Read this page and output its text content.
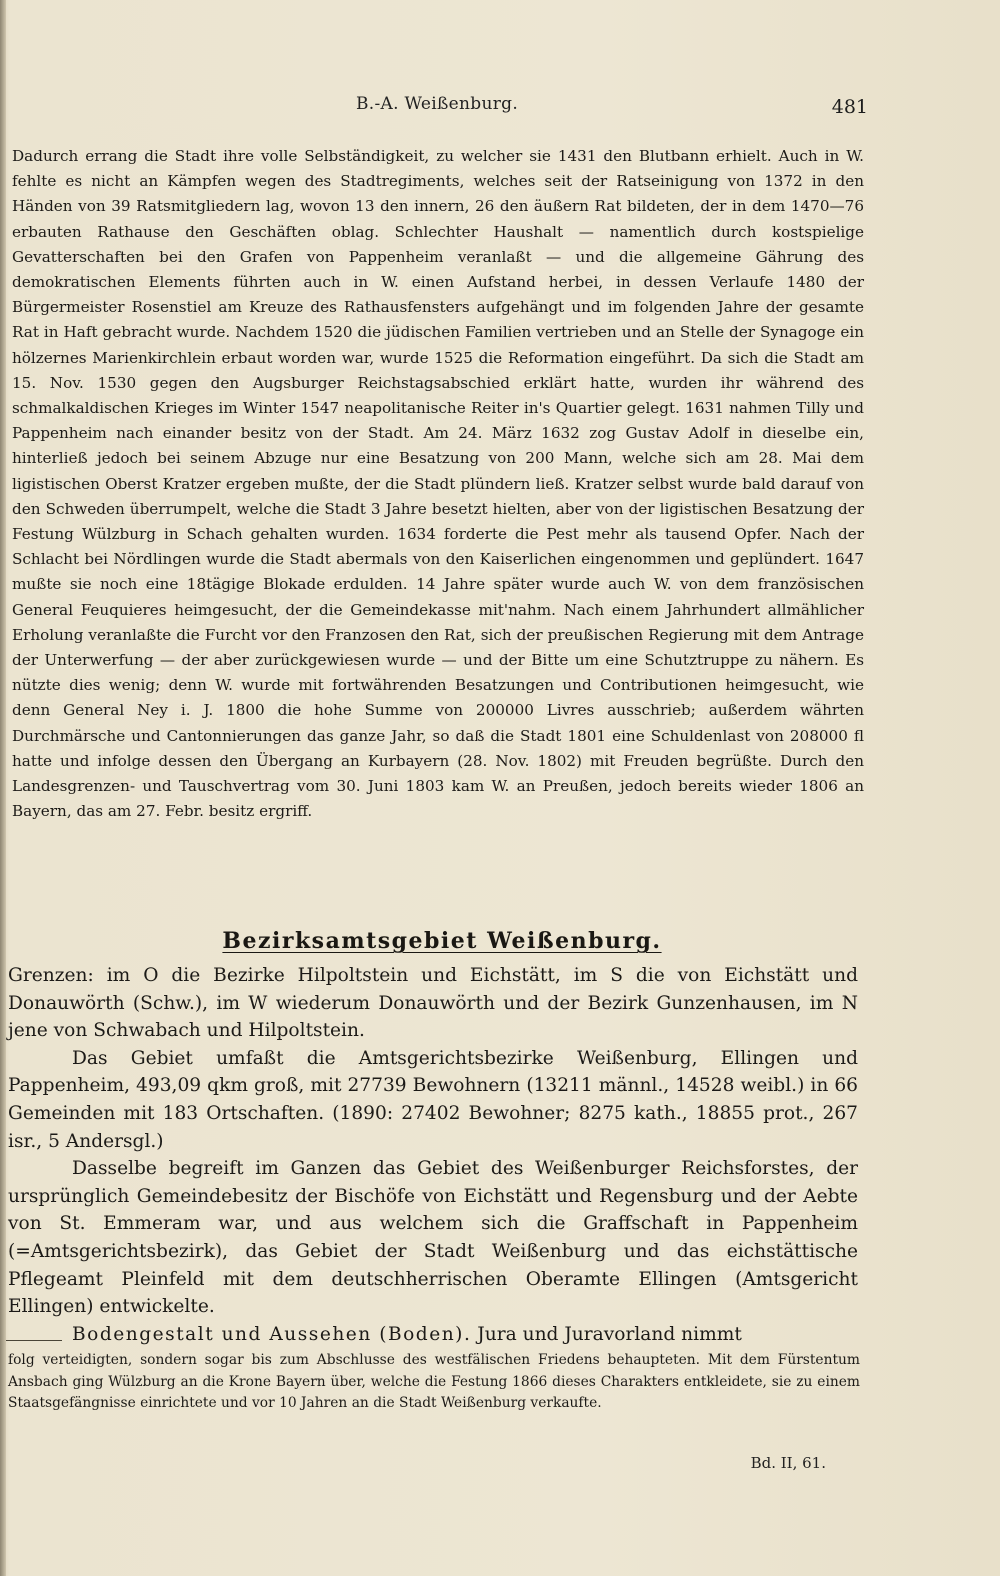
B.-A. Weißenburg.	481

Dadurch errang die Stadt ihre volle Selbständigkeit, zu welcher sie 1431 den Blutbann erhielt. Auch in W. fehlte es nicht an Kämpfen wegen des Stadtregiments, welches seit der Ratseinigung von 1372 in den Händen von 39 Ratsmitgliedern lag, wovon 13 den innern, 26 den äußern Rat bildeten, der in dem 1470—76 erbauten Rathause den Geschäften oblag. Schlechter Haushalt — namentlich durch kostspielige Gevatterschaften bei den Grafen von Pappenheim veranlaßt — und die allgemeine Gährung des demokratischen Elements führten auch in W. einen Aufstand herbei, in dessen Verlaufe 1480 der Bürgermeister Rosenstiel am Kreuze des Rathausfensters aufgehängt und im folgenden Jahre der gesamte Rat in Haft gebracht wurde. Nachdem 1520 die jüdischen Familien vertrieben und an Stelle der Synagoge ein hölzernes Marienkirchlein erbaut worden war, wurde 1525 die Reformation eingeführt. Da sich die Stadt am 15. Nov. 1530 gegen den Augsburger Reichstagsabschied erklärt hatte, wurden ihr während des schmalkaldischen Krieges im Winter 1547 neapolitanische Reiter in's Quartier gelegt. 1631 nahmen Tilly und Pappenheim nach einander besitz von der Stadt. Am 24. März 1632 zog Gustav Adolf in dieselbe ein, hinterließ jedoch bei seinem Abzuge nur eine Besatzung von 200 Mann, welche sich am 28. Mai dem ligistischen Oberst Kratzer ergeben mußte, der die Stadt plündern ließ. Kratzer selbst wurde bald darauf von den Schweden überrumpelt, welche die Stadt 3 Jahre besetzt hielten, aber von der ligistischen Besatzung der Festung Wülzburg in Schach gehalten wurden. 1634 forderte die Pest mehr als tausend Opfer. Nach der Schlacht bei Nördlingen wurde die Stadt abermals von den Kaiserlichen eingenommen und geplündert. 1647 mußte sie noch eine 18tägige Blokade erdulden. 14 Jahre später wurde auch W. von dem französischen General Feuquieres heimgesucht, der die Gemeindekasse mit'nahm. Nach einem Jahrhundert allmählicher Erholung veranlaßte die Furcht vor den Franzosen den Rat, sich der preußischen Regierung mit dem Antrage der Unterwerfung — der aber zurückgewiesen wurde — und der Bitte um eine Schutztruppe zu nähern. Es nützte dies wenig; denn W. wurde mit fortwährenden Besatzungen und Contributionen heimgesucht, wie denn General Ney i. J. 1800 die hohe Summe von 200000 Livres ausschrieb; außerdem währten Durchmärsche und Cantonnierungen das ganze Jahr, so daß die Stadt 1801 eine Schuldenlast von 208000 fl hatte und infolge dessen den Übergang an Kurbayern (28. Nov. 1802) mit Freuden begrüßte. Durch den Landesgrenzen- und Tauschvertrag vom 30. Juni 1803 kam W. an Preußen, jedoch bereits wieder 1806 an Bayern, das am 27. Febr. besitz ergriff.

Bezirksamtsgebiet Weißenburg.

Grenzen: im O die Bezirke Hilpoltstein und Eichstätt, im S die von Eichstätt und Donauwörth (Schw.), im W wiederum Donauwörth und der Bezirk Gunzenhausen, im N jene von Schwabach und Hilpoltstein.

Das Gebiet umfaßt die Amtsgerichtsbezirke Weißenburg, Ellingen und Pappenheim, 493,09 qkm groß, mit 27739 Bewohnern (13211 männl., 14528 weibl.) in 66 Gemeinden mit 183 Ortschaften. (1890: 27402 Bewohner; 8275 kath., 18855 prot., 267 isr., 5 Andersgl.)

Dasselbe begreift im Ganzen das Gebiet des Weißenburger Reichsforstes, der ursprünglich Gemeindebesitz der Bischöfe von Eichstätt und Regensburg und der Aebte von St. Emmeram war, und aus welchem sich die Graffschaft in Pappenheim (=Amtsgerichtsbezirk), das Gebiet der Stadt Weißenburg und das eichstättische Pflegeamt Pleinfeld mit dem deutschherrischen Oberamte Ellingen (Amtsgericht Ellingen) entwickelte.

Bodengestalt und Aussehen (Boden). Jura und Juravorland nimmt

folg verteidigten, sondern sogar bis zum Abschlusse des westfälischen Friedens behaupteten. Mit dem Fürstentum Ansbach ging Wülzburg an die Krone Bayern über, welche die Festung 1866 dieses Charakters entkleidete, sie zu einem Staatsgefängnisse einrichtete und vor 10 Jahren an die Stadt Weißenburg verkaufte.

Bd. II, 61.
